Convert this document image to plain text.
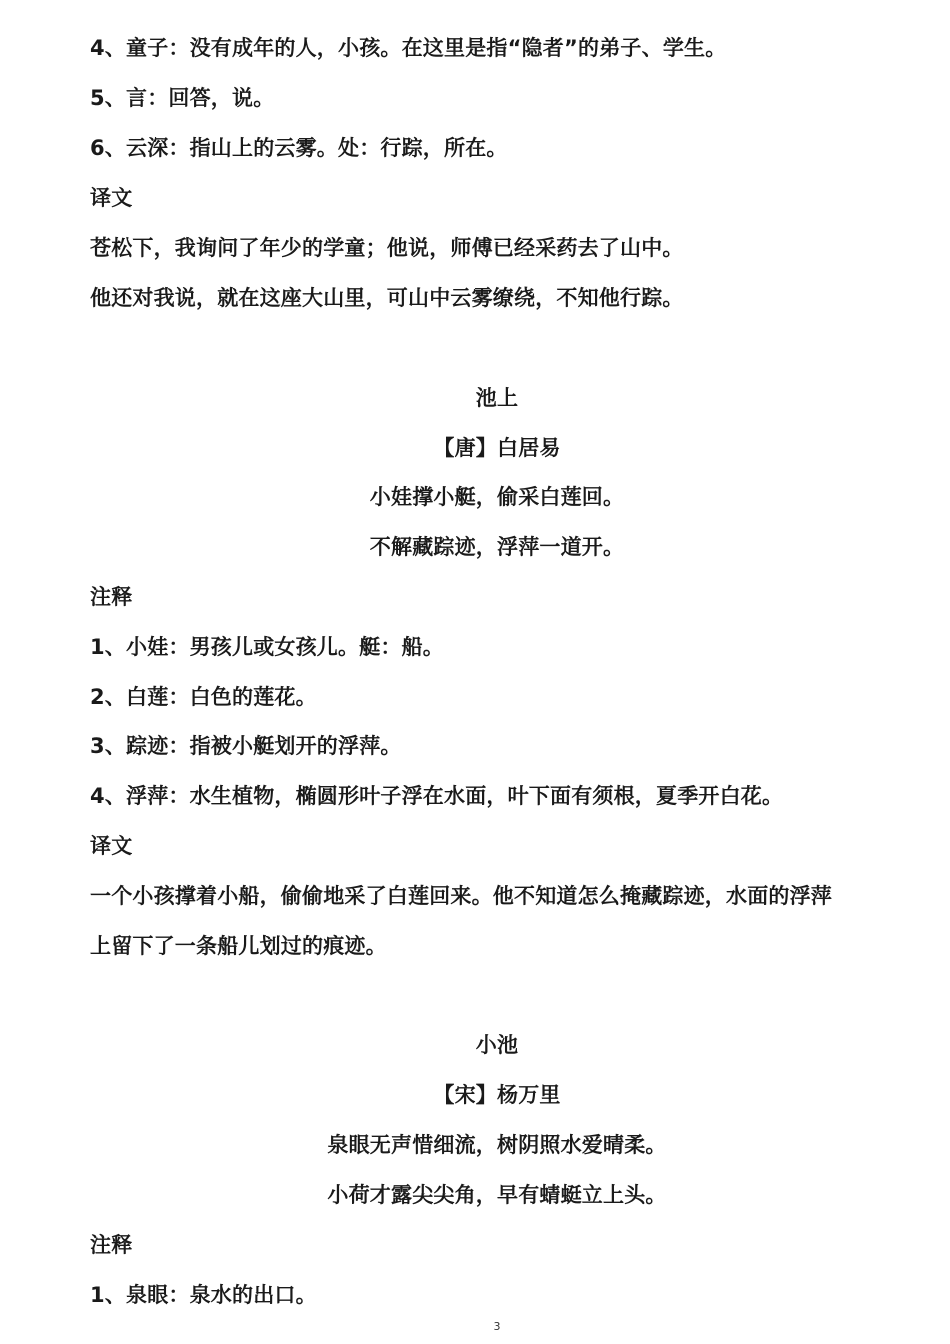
4、童子：没有成年的人，小孩。在这里是指“隐者”的弟子、学生。
5、言：回答，说。
6、云深：指山上的云雾。处：行踪，所在。
译文
苍松下，我询问了年少的学童；他说，师傅已经采药去了山中。
他还对我说，就在这座大山里，可山中云雾缭绕，不知他行踪。
池上
【唐】白居易
小娃撑小艇，偷采白莲回。
不解藏踪迹，浮萍一道开。
注释
1、小娃：男孩儿或女孩儿。艇：船。
2、白莲：白色的莲花。
3、踪迹：指被小艇划开的浮萍。
4、浮萍：水生植物，椭圆形叶子浮在水面，叶下面有须根，夏季开白花。
译文
一个小孩撑着小船，偷偷地采了白莲回来。他不知道怎么掩藏踪迹，水面的浮萍
上留下了一条船儿划过的痕迹。
小池
【宋】杨万里
泉眼无声惜细流，树阴照水爱晴柔。
小荷才露尖尖角，早有蜻蜓立上头。
注释
1、泉眼：泉水的出口。
3
